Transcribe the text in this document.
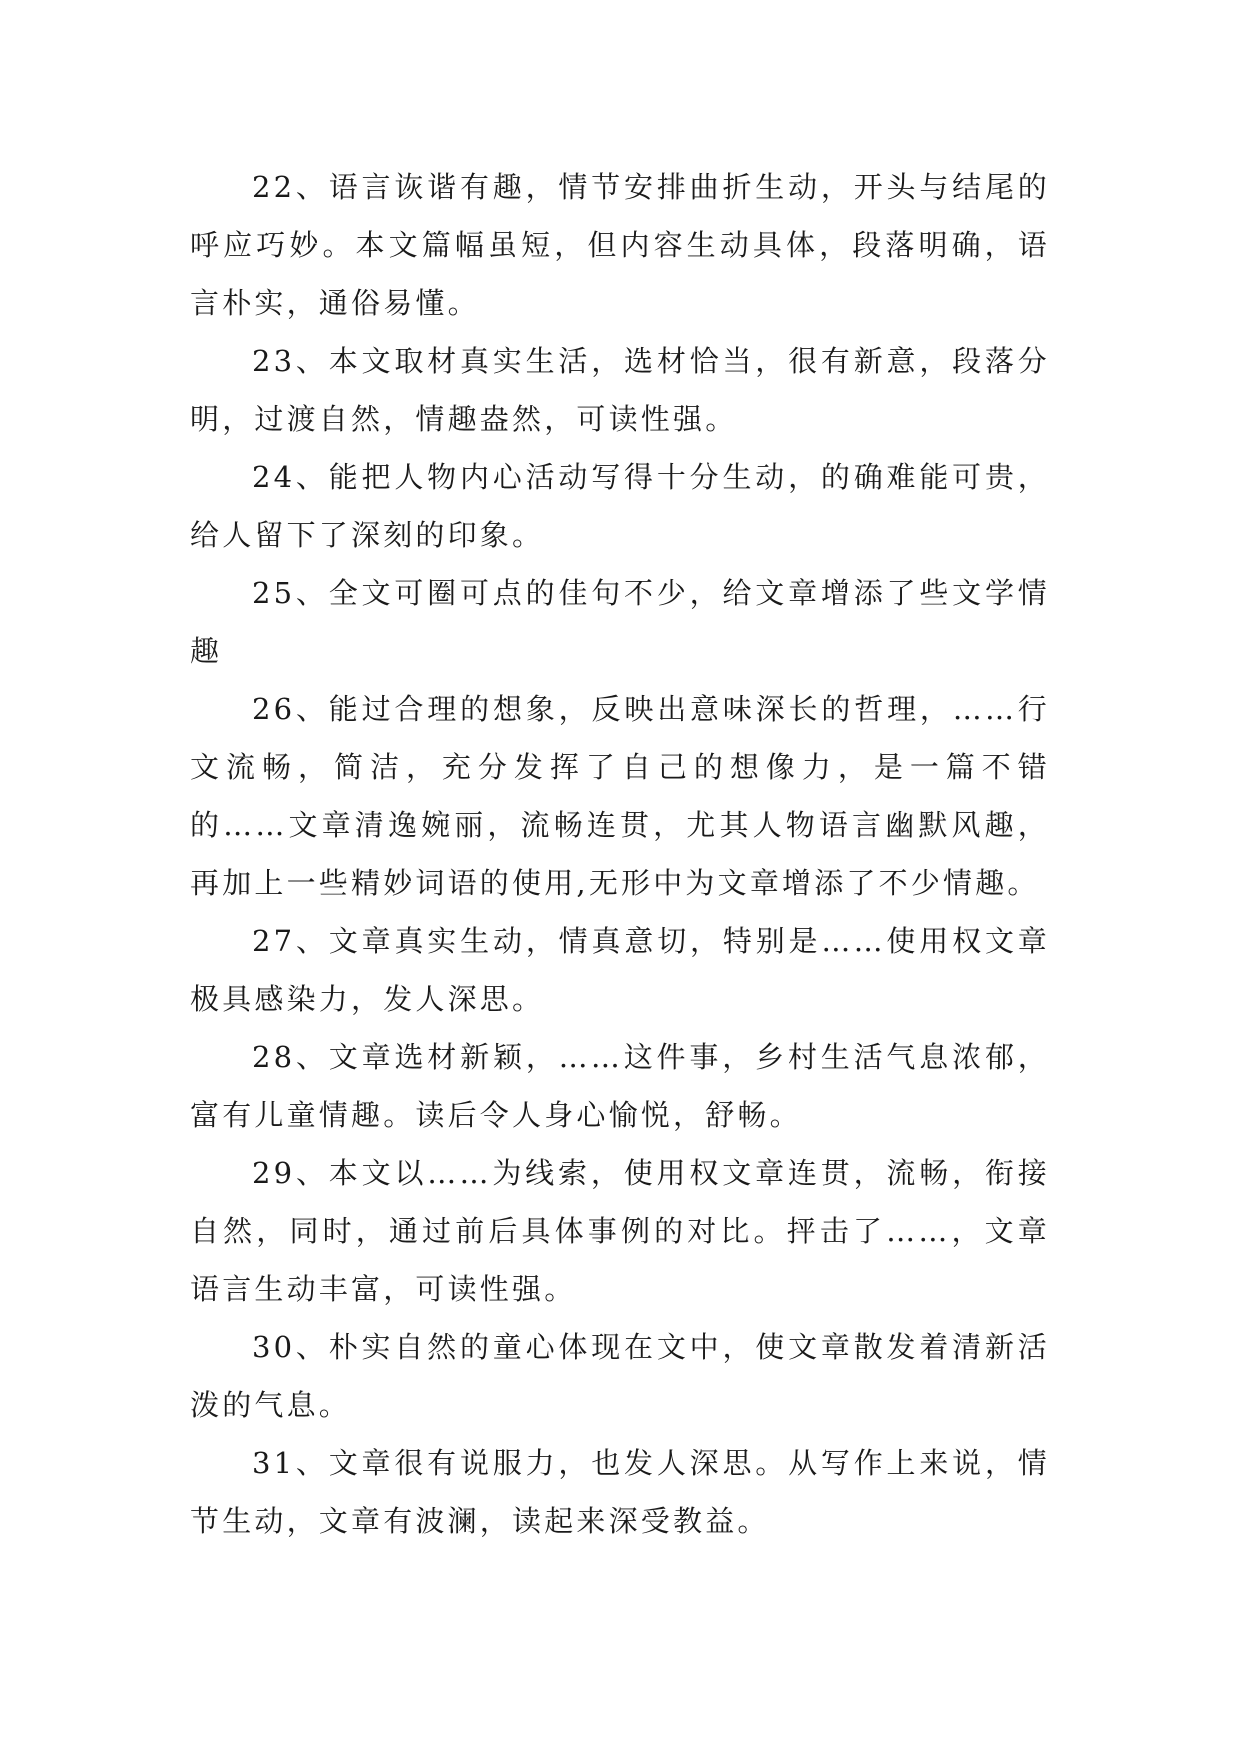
22、语言诙谐有趣，情节安排曲折生动，开头与结尾的呼应巧妙。本文篇幅虽短，但内容生动具体，段落明确，语言朴实，通俗易懂。

23、本文取材真实生活，选材恰当，很有新意，段落分明，过渡自然，情趣盎然，可读性强。

24、能把人物内心活动写得十分生动，的确难能可贵，给人留下了深刻的印象。

25、全文可圈可点的佳句不少，给文章增添了些文学情趣

26、能过合理的想象，反映出意味深长的哲理，……行文流畅，简洁，充分发挥了自己的想像力，是一篇不错的……文章清逸婉丽，流畅连贯，尤其人物语言幽默风趣，再加上一些精妙词语的使用,无形中为文章增添了不少情趣。

27、文章真实生动，情真意切，特别是……使用权文章极具感染力，发人深思。

28、文章选材新颖，……这件事，乡村生活气息浓郁，富有儿童情趣。读后令人身心愉悦，舒畅。

29、本文以……为线索，使用权文章连贯，流畅，衔接自然，同时，通过前后具体事例的对比。抨击了……，文章语言生动丰富，可读性强。

30、朴实自然的童心体现在文中，使文章散发着清新活泼的气息。

31、文章很有说服力，也发人深思。从写作上来说，情节生动，文章有波澜，读起来深受教益。
